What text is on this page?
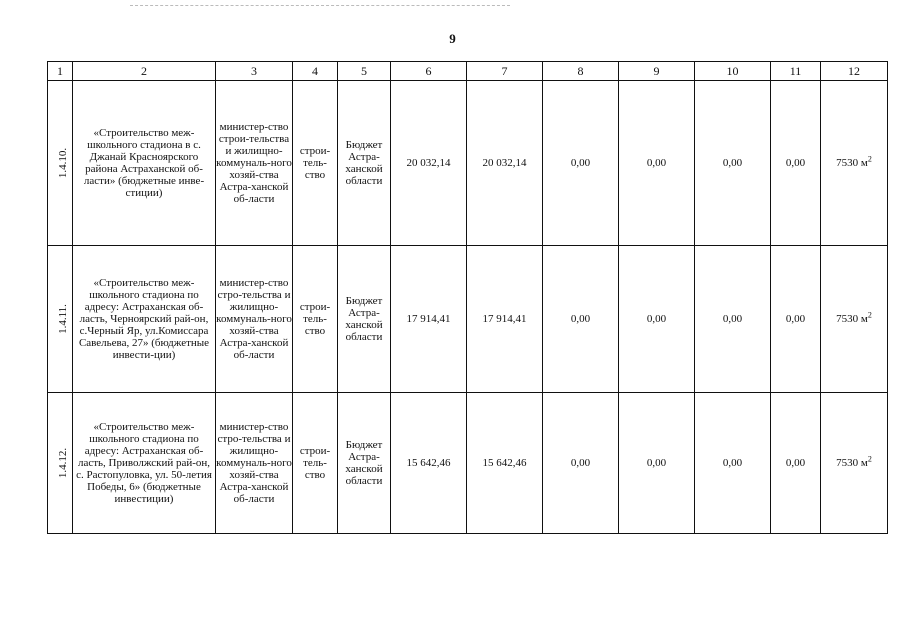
9
1	2	3	4	5	6	7	8	9	10	11	12
1.4.10.	«Строительство меж-школьного стадиона в с. Джанай Красноярского района Астраханской об-ласти» (бюджетные инве-стиции)	министер-ство строи-тельства и жилищно-коммуналь-ного хозяй-ства Астра-ханской об-ласти	строи-тель-ство	Бюджет Астра-ханской области	20 032,14	20 032,14	0,00	0,00	0,00	0,00	7530 $м^2$
1.4.11.	«Строительство меж-школьного стадиона по адресу: Астраханская об-ласть, Черноярский рай-он, с.Черный Яр, ул.Комиссара Савельева, 27» (бюджетные инвести-ции)	министер-ство стро-тельства и жилищно-коммуналь-ного хозяй-ства Астра-ханской об-ласти	строи-тель-ство	Бюджет Астра-ханской области	17 914,41	17 914,41	0,00	0,00	0,00	0,00	7530 $м^2$
1.4.12.	«Строительство меж-школьного стадиона по адресу: Астраханская об-ласть, Приволжский рай-он, с. Растопуловка, ул. 50-летия Победы, 6» (бюджетные инвестиции)	министер-ство стро-тельства и жилищно-коммуналь-ного хозяй-ства Астра-ханской об-ласти	строи-тель-ство	Бюджет Астра-ханской области	15 642,46	15 642,46	0,00	0,00	0,00	0,00	7530 $м^2$
